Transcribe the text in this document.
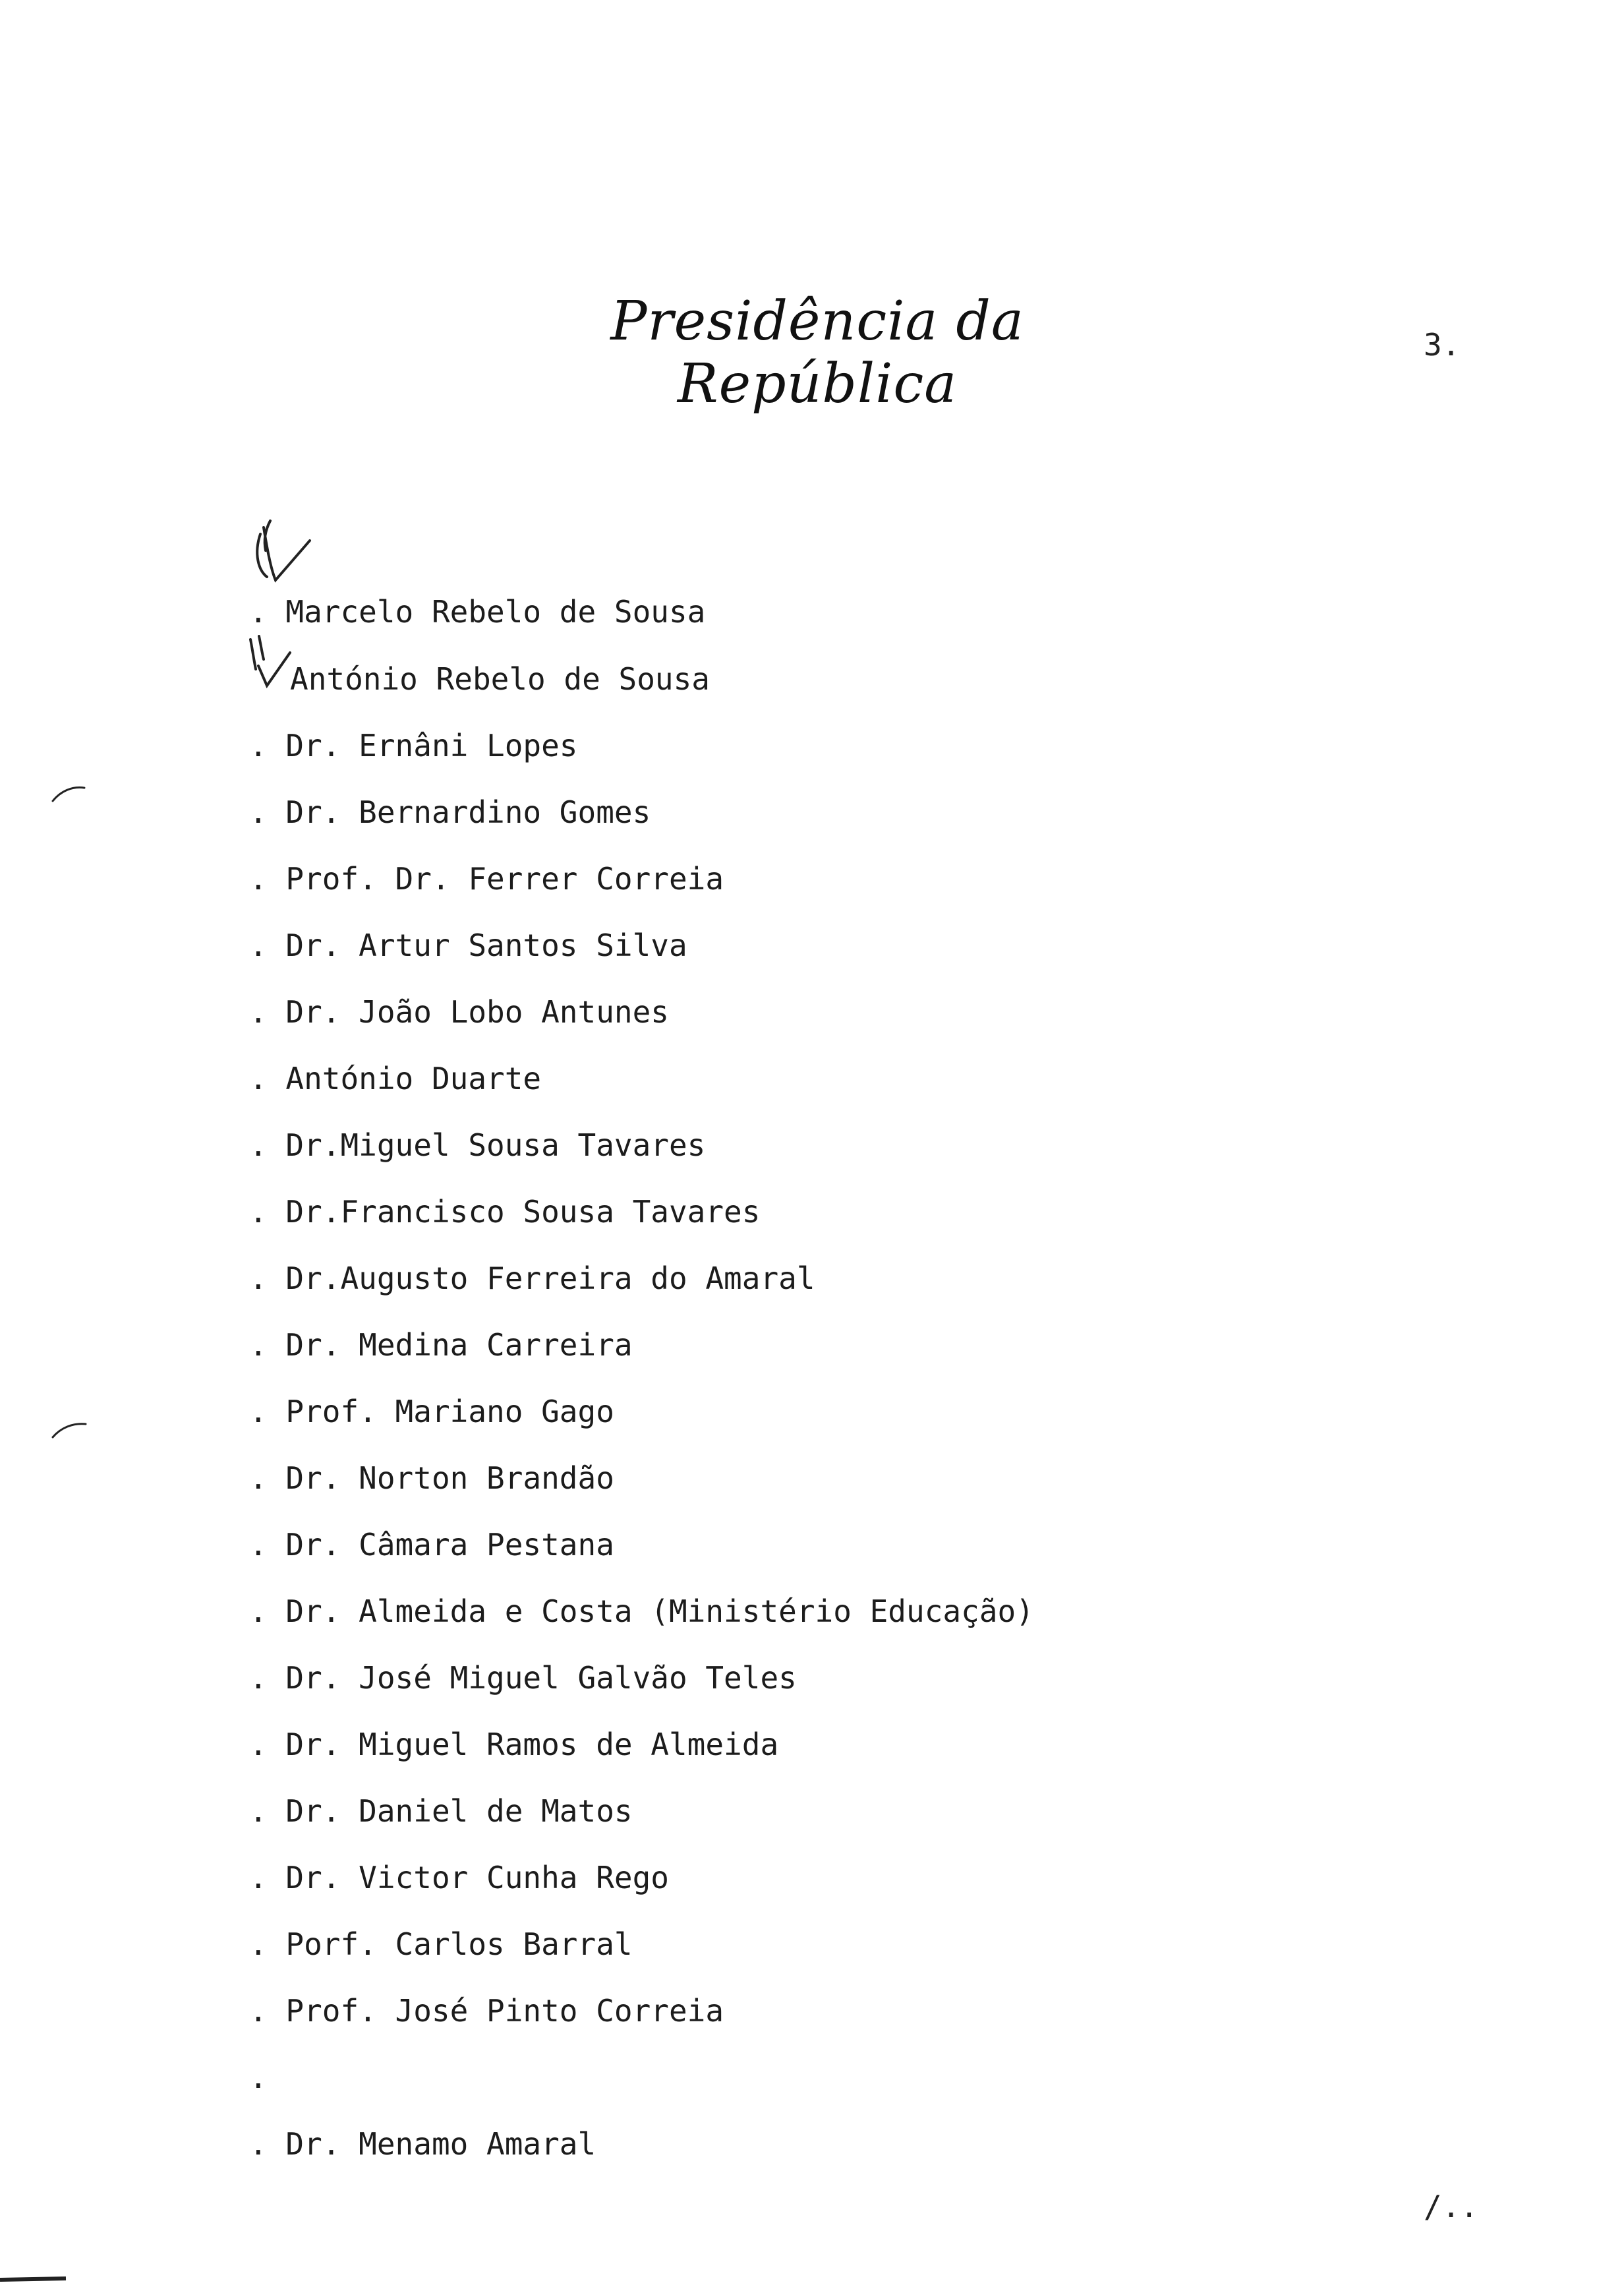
Presidência da República
3.
. Marcelo Rebelo de Sousa
António Rebelo de Sousa
. Dr. Ernâni Lopes
. Dr. Bernardino Gomes
. Prof. Dr. Ferrer Correia
. Dr. Artur Santos Silva
. Dr. João Lobo Antunes
. António Duarte
. Dr.Miguel Sousa Tavares
. Dr.Francisco Sousa Tavares
. Dr.Augusto Ferreira do Amaral
. Dr. Medina Carreira
. Prof. Mariano Gago
. Dr. Norton Brandão
. Dr. Câmara Pestana
. Dr. Almeida e Costa (Ministério Educação)
. Dr. José Miguel Galvão Teles
. Dr. Miguel Ramos de Almeida
. Dr. Daniel de Matos
. Dr. Victor Cunha Rego
. Porf. Carlos Barral
. Prof. José Pinto Correia
.
. Dr. Menamo Amaral
/..
